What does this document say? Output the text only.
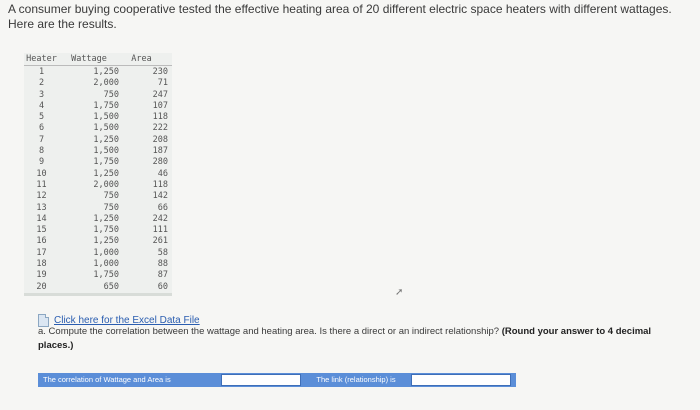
A consumer buying cooperative tested the effective heating area of 20 different electric space heaters with different wattages. Here are the results.
Heater	Wattage	Area
1	1,250	230
2	2,000	71
3	750	247
4	1,750	107
5	1,500	118
6	1,500	222
7	1,250	208
8	1,500	187
9	1,750	280
10	1,250	46
11	2,000	118
12	750	142
13	750	66
14	1,250	242
15	1,750	111
16	1,250	261
17	1,000	58
18	1,000	88
19	1,750	87
20	650	60
Click here for the Excel Data File
a. Compute the correlation between the wattage and heating area. Is there a direct or an indirect relationship? (Round your answer to 4 decimal places.)
The correlation of Wattage and Area is	The link (relationship) is
➚
